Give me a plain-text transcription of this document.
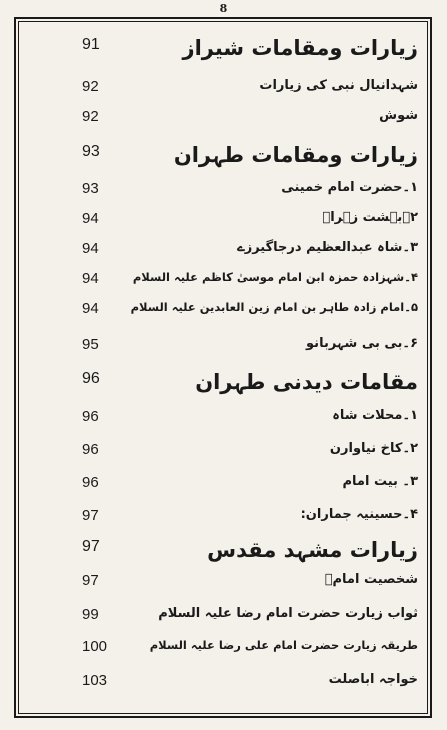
8
زیارات ومقامات شیراز
91
شہدانیال نبی کی زیارات
92
شوش
92
زیارات ومقامات طہران
93
۱۔حضرت امام خمینی
93
۲۔بہشت زہراؑ
94
۳۔شاہ عبدالعظیم درجاگیرزے
94
۴۔شہزادہ حمزہ ابن امام موسیٰ کاظم علیہ السلام
94
۵۔امام زادہ طاہر بن امام زین العابدین علیہ السلام
94
۶۔بی بی شہربانو
95
مقامات دیدنی طہران
96
۱۔محلات شاہ
96
۲۔کاخ نیاوارن
96
۳۔ بیت امام
96
۴۔حسینیہ جماران:
97
زیارات مشہد مقدس
97
شخصیت امامؑ
97
ثواب زیارت حضرت امام رضا علیہ السلام
99
طریقہ زیارت حضرت امام علی رضا علیہ السلام
100
خواجہ اباصلت
103
